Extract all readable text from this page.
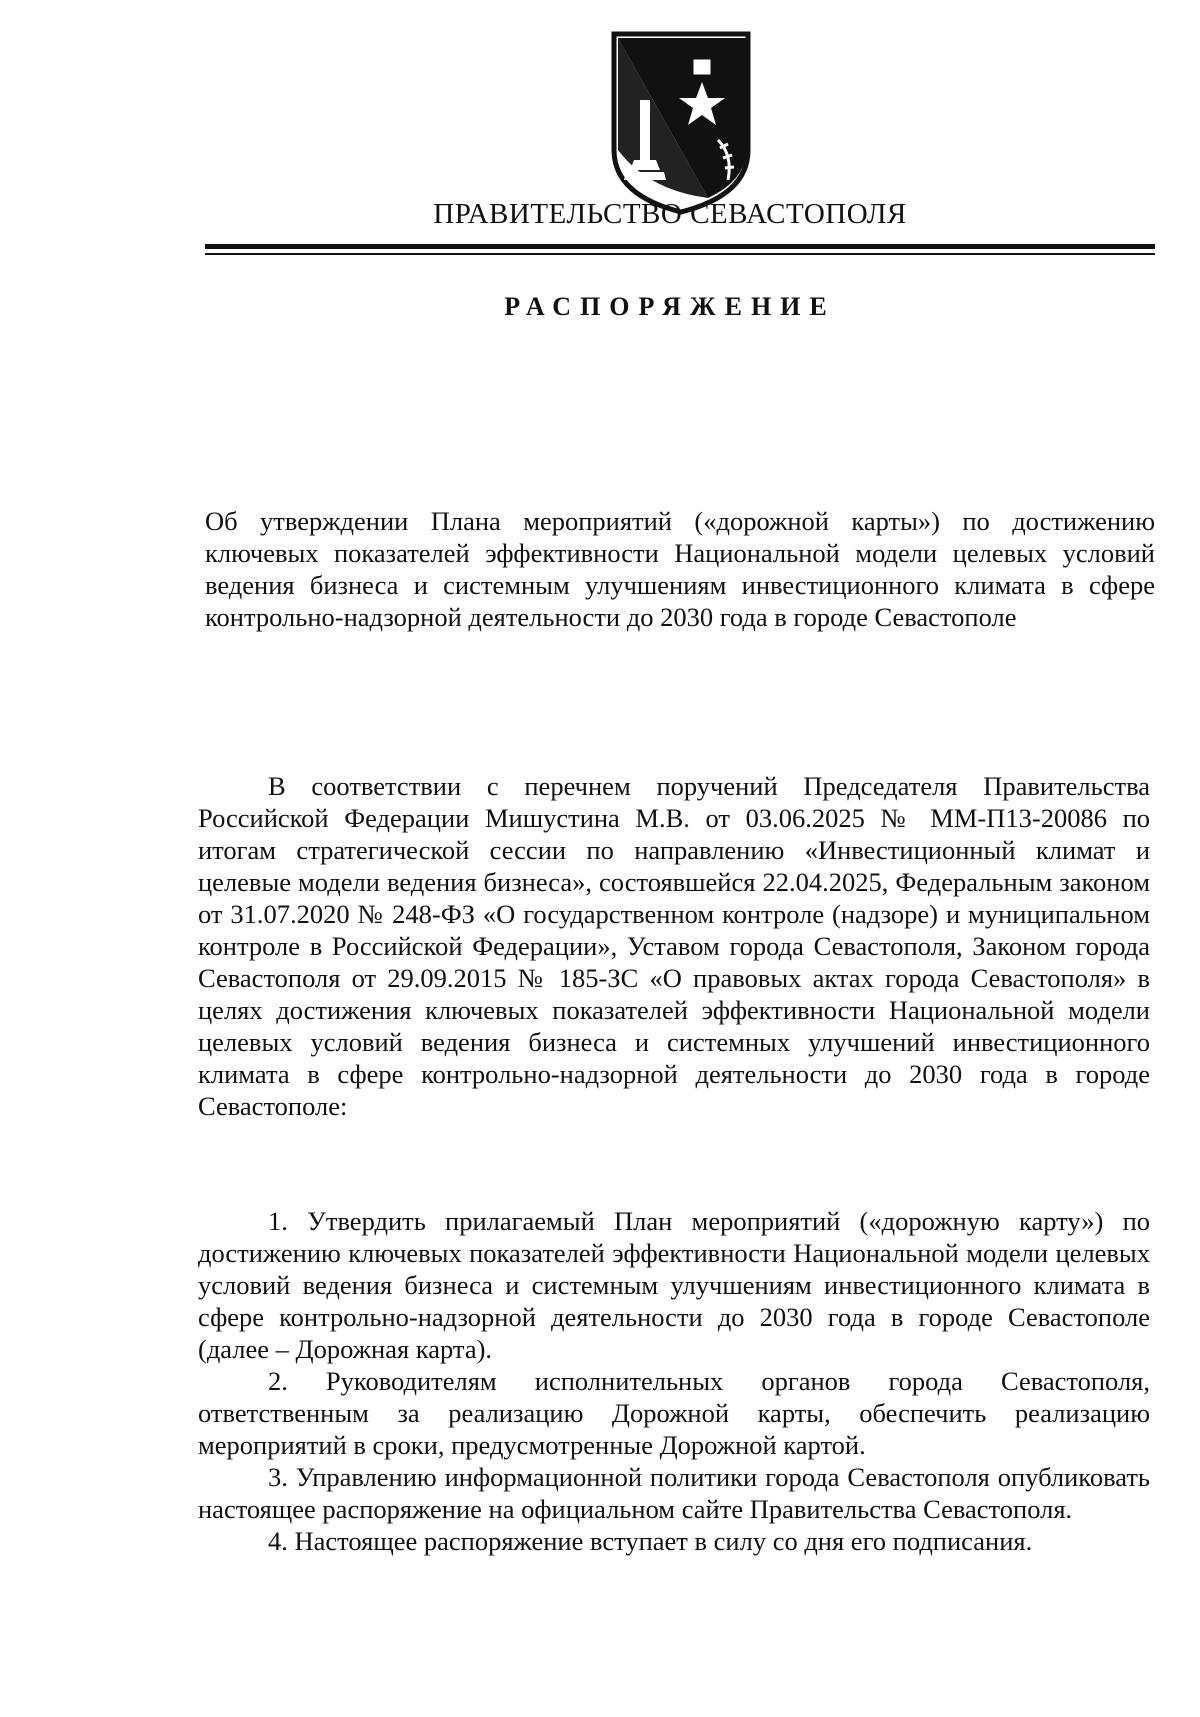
ПРАВИТЕЛЬСТВО СЕВАСТОПОЛЯ
РАСПОРЯЖЕНИЕ
Об утверждении Плана мероприятий («дорожной карты») по достижению ключевых показателей эффективности Национальной модели целевых условий ведения бизнеса и системным улучшениям инвестиционного климата в сфере контрольно-надзорной деятельности до 2030 года в городе Севастополе
В соответствии с перечнем поручений Председателя Правительства Российской Федерации Мишустина М.В. от 03.06.2025 № ММ-П13-20086 по итогам стратегической сессии по направлению «Инвестиционный климат и целевые модели ведения бизнеса», состоявшейся 22.04.2025, Федеральным законом от 31.07.2020 № 248-ФЗ «О государственном контроле (надзоре) и муниципальном контроле в Российской Федерации», Уставом города Севастополя, Законом города Севастополя от 29.09.2015 № 185-ЗС «О правовых актах города Севастополя» в целях достижения ключевых показателей эффективности Национальной модели целевых условий ведения бизнеса и системных улучшений инвестиционного климата в сфере контрольно-надзорной деятельности до 2030 года в городе Севастополе:

1. Утвердить прилагаемый План мероприятий («дорожную карту») по достижению ключевых показателей эффективности Национальной модели целевых условий ведения бизнеса и системным улучшениям инвестиционного климата в сфере контрольно-надзорной деятельности до 2030 года в городе Севастополе (далее – Дорожная карта).

2. Руководителям исполнительных органов города Севастополя, ответственным за реализацию Дорожной карты, обеспечить реализацию мероприятий в сроки, предусмотренные Дорожной картой.

3. Управлению информационной политики города Севастополя опубликовать настоящее распоряжение на официальном сайте Правительства Севастополя.

4. Настоящее распоряжение вступает в силу со дня его подписания.
